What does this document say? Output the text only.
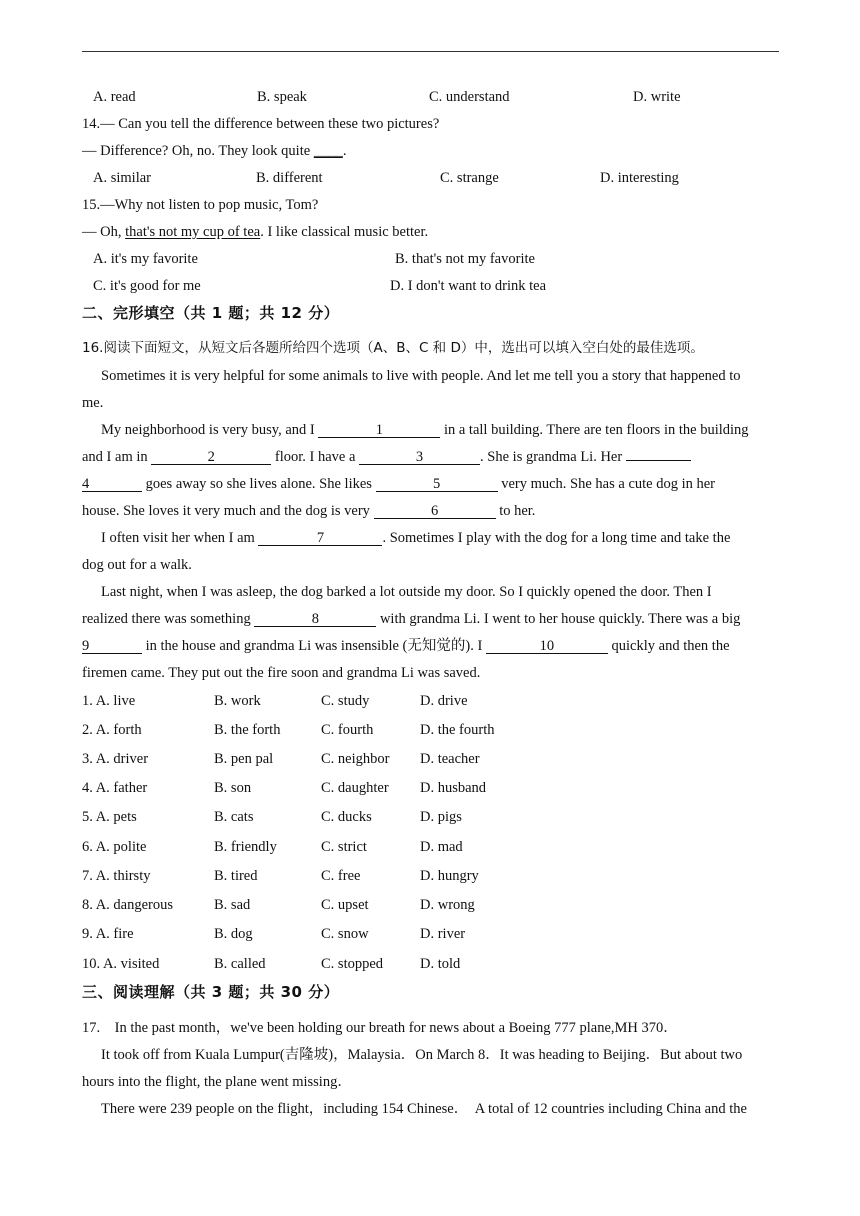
A. read	B. speak	C. understand	D. write
14.— Can you tell the difference between these two pictures?
— Difference? Oh, no. They look quite ____.
A. similar	B. different	C. strange	D. interesting
15.—Why not listen to pop music, Tom?
— Oh, that's not my cup of tea. I like classical music better.
A. it's my favorite	B. that's not my favorite
C. it's good for me	D. I don't want to drink tea
二、完形填空（共 1 题；共 12 分）
16.阅读下面短文，从短文后各题所给四个选项（A、B、C 和 D）中，选出可以填入空白处的最佳选项。
Sometimes it is very helpful for some animals to live with people. And let me tell you a story that happened to
me.
My neighborhood is very busy, and I	1	in a tall building. There are ten floors in the building
and I am in	2	floor. I have a	3	. She is grandma Li. Her
4	goes away so she lives alone. She likes	5	very much. She has a cute dog in her
house. She loves it very much and the dog is very	6	to her.
I often visit her when I am	7	. Sometimes I play with the dog for a long time and take the
dog out for a walk.
Last night, when I was asleep, the dog barked a lot outside my door. So I quickly opened the door. Then I
realized there was something	8	with grandma Li. I went to her house quickly. There was a big
9	in the house and grandma Li was insensible (无知觉的). I	10	quickly and then the
firemen came. They put out the fire soon and grandma Li was saved.
1. A. live	B. work	C. study	D. drive
2. A. forth	B. the forth	C. fourth	D. the fourth
3. A. driver	B. pen pal	C. neighbor D. teacher
4. A. father	B. son	C. daughter D. husband
5. A. pets	B. cats	C. ducks	D. pigs
6. A. polite	B. friendly	C. strict	D. mad
7. A. thirsty	B. tired	C. free	D. hungry
8. A. dangerous	B. sad	C. upset	D. wrong
9. A. fire	B. dog	C. snow	D. river
10. A. visited	B. called	C. stopped	D. told
三、阅读理解（共 3 题；共 30 分）
17.    In the past month，we've been holding our breath for news about a Boeing 777 plane,MH 370．
It took off from Kuala Lumpur(吉隆坡)，Malaysia．On March 8．It was heading to Beijing．But about two
hours into the flight, the plane went missing．
There were 239 people on the flight，including 154 Chinese．  A total of 12 countries including China and the
